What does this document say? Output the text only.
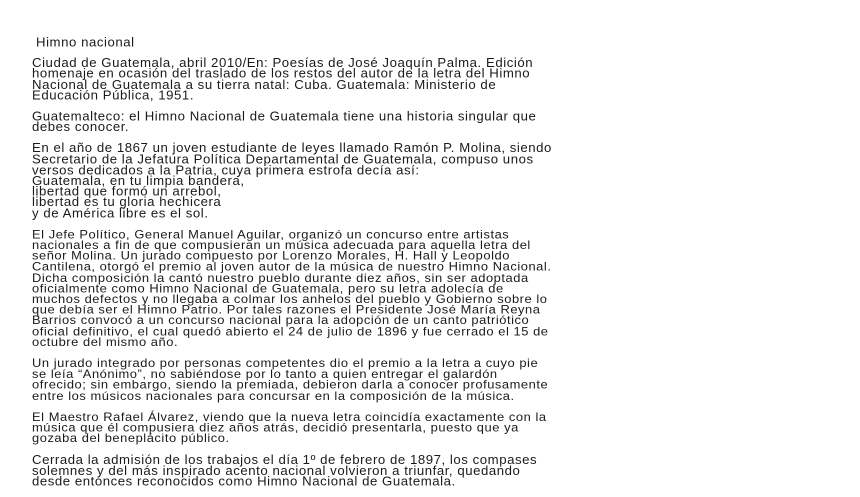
Himno nacional
Ciudad de Guatemala, abril 2010/En: Poesías de José Joaquín Palma. Edición
homenaje en ocasión del traslado de los restos del autor de la letra del Himno
Nacional de Guatemala a su tierra natal: Cuba. Guatemala: Ministerio de
Educación Pública, 1951.
Guatemalteco: el Himno Nacional de Guatemala tiene una historia singular que
debes conocer.
En el año de 1867 un joven estudiante de leyes llamado Ramón P. Molina, siendo
Secretario de la Jefatura Política Departamental de Guatemala, compuso unos
versos dedicados a la Patria, cuya primera estrofa decía así:
Guatemala, en tu limpia bandera,
libertad que formó un arrebol,
libertad es tu gloria hechicera
y de América libre es el sol.
El Jefe Político, General Manuel Aguilar, organizó un concurso entre artistas
nacionales a fin de que compusieran un música adecuada para aquella letra del
señor Molina. Un jurado compuesto por Lorenzo Morales, H. Hall y Leopoldo
Cantilena, otorgó el premio al joven autor de la música de nuestro Himno Nacional.
Dicha composición la cantó nuestro pueblo durante diez años, sin ser adoptada
oficialmente como Himno Nacional de Guatemala, pero su letra adolecía de
muchos defectos y no llegaba a colmar los anhelos del pueblo y Gobierno sobre lo
que debía ser el Himno Patrio. Por tales razones el Presidente José María Reyna
Barrios convocó a un concurso nacional para la adopción de un canto patriótico
oficial definitivo, el cual quedó abierto el 24 de julio de 1896 y fue cerrado el 15 de
octubre del mismo año.
Un jurado integrado por personas competentes dio el premio a la letra a cuyo pie
se leía “Anónimo”, no sabiéndose por lo tanto a quien entregar el galardón
ofrecido; sin embargo, siendo la premiada, debieron darla a conocer profusamente
entre los músicos nacionales para concursar en la composición de la música.
El Maestro Rafael Álvarez, viendo que la nueva letra coincidía exactamente con la
música que él compusiera diez años atrás, decidió presentarla, puesto que ya
gozaba del beneplácito público.
Cerrada la admisión de los trabajos el día 1º de febrero de 1897, los compases
solemnes y del más inspirado acento nacional volvieron a triunfar, quedando
desde entonces reconocidos como Himno Nacional de Guatemala.
